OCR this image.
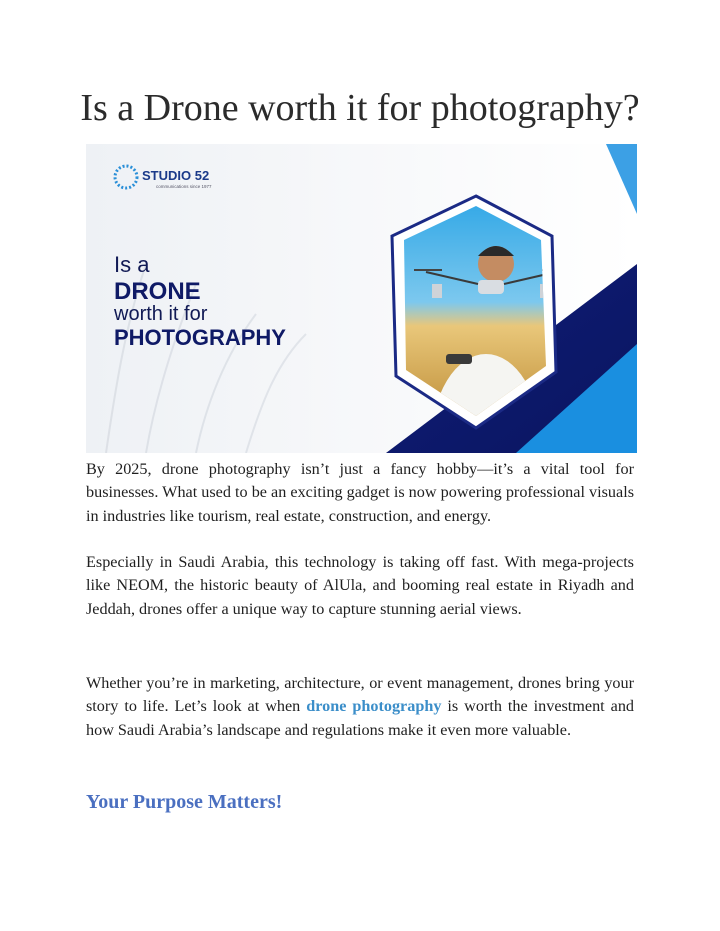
Is a Drone worth it for photography?
STUDIO 52
communications since 1977
Is a
DRONE
worth it for
PHOTOGRAPHY

By 2025, drone photography isn’t just a fancy hobby—it’s a vital tool for businesses. What used to be an exciting gadget is now powering professional visuals in industries like tourism, real estate, construction, and energy.

Especially in Saudi Arabia, this technology is taking off fast. With mega-projects like NEOM, the historic beauty of AlUla, and booming real estate in Riyadh and Jeddah, drones offer a unique way to capture stunning aerial views.

Whether you’re in marketing, architecture, or event management, drones bring your story to life. Let’s look at when drone photography is worth the investment and how Saudi Arabia’s landscape and regulations make it even more valuable.

Your Purpose Matters!
